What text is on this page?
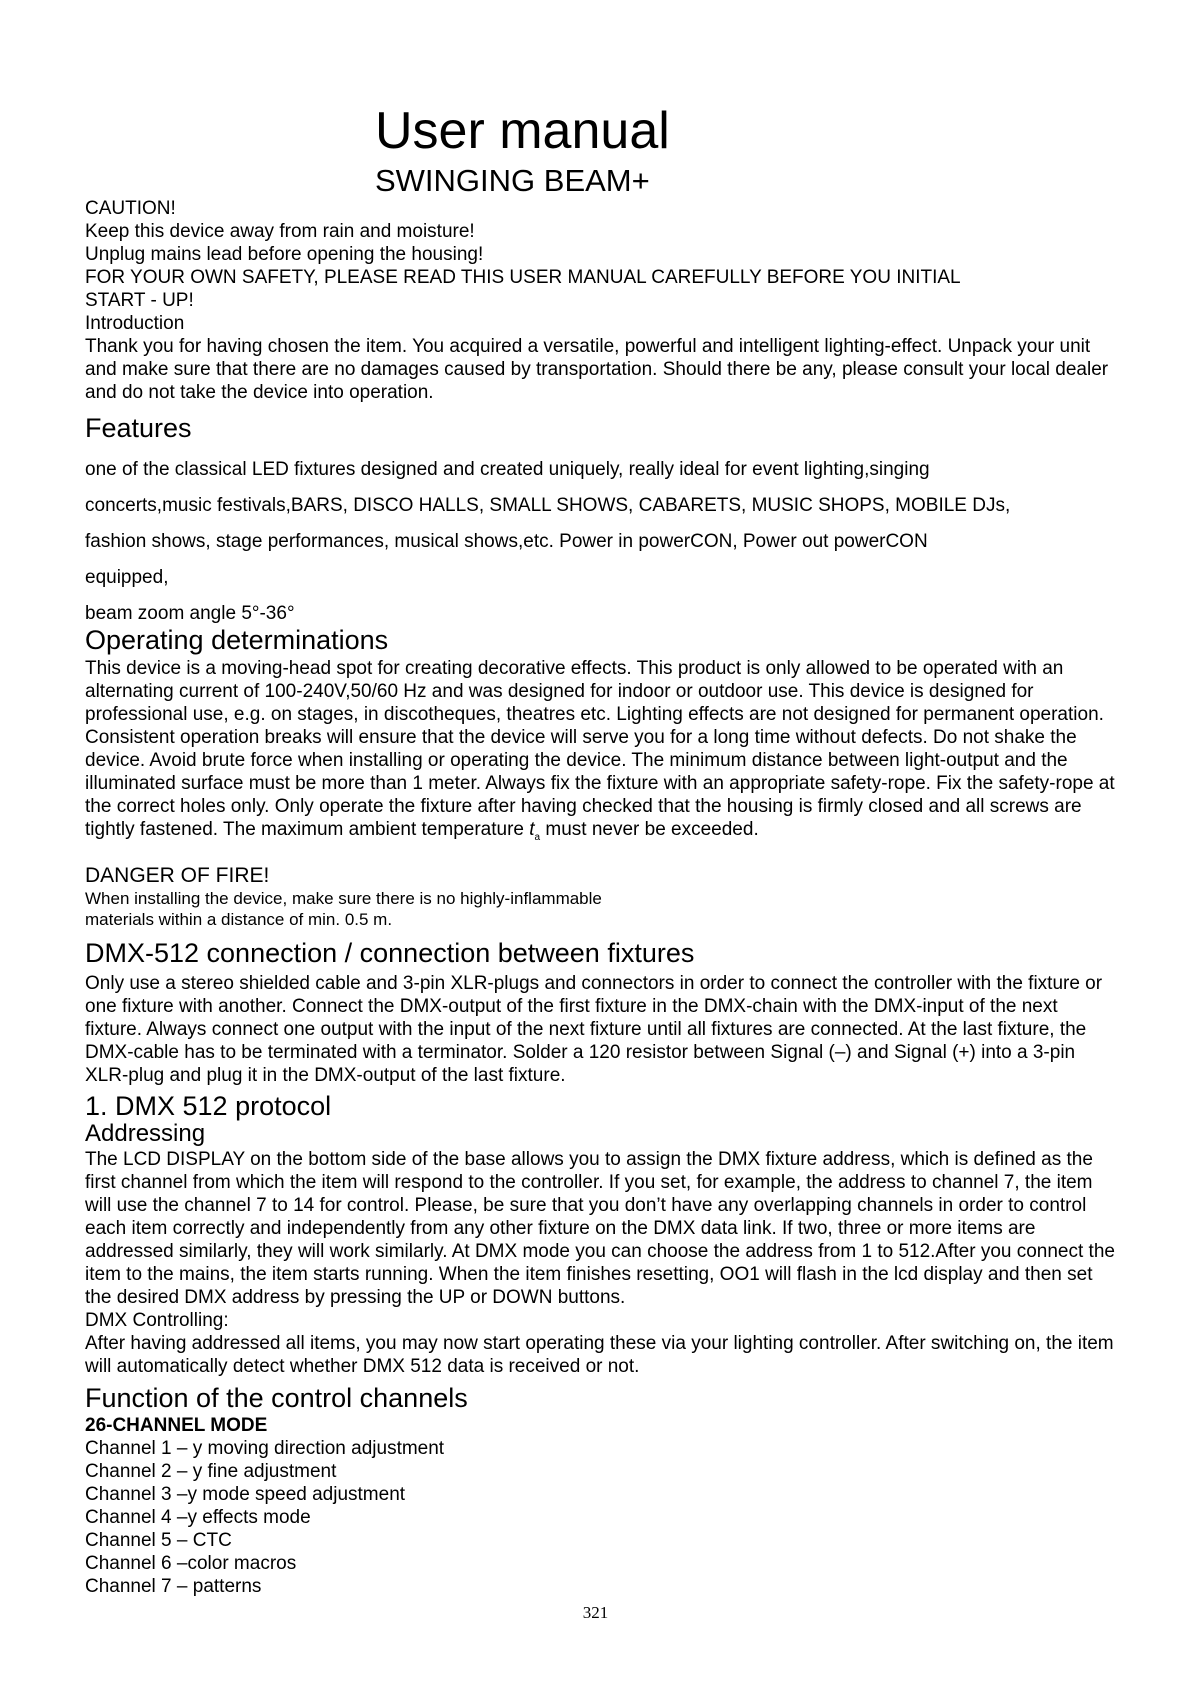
User manual
SWINGING BEAM+
CAUTION!
Keep this device away from rain and moisture!
Unplug mains lead before opening the housing!
FOR YOUR OWN SAFETY, PLEASE READ THIS USER MANUAL CAREFULLY BEFORE YOU INITIAL
START - UP!
Introduction
Thank you for having chosen the item. You acquired a versatile, powerful and intelligent lighting-effect. Unpack your unit and make sure that there are no damages caused by transportation. Should there be any, please consult your local dealer and do not take the device into operation.
Features
one of the classical LED fixtures designed and created uniquely, really ideal for event lighting,singing
concerts,music festivals,BARS, DISCO HALLS, SMALL SHOWS, CABARETS, MUSIC SHOPS, MOBILE DJs,
fashion shows, stage performances, musical shows,etc. Power in powerCON, Power out powerCON
equipped,
beam zoom angle 5°-36°
Operating determinations
This device is a moving-head spot for creating decorative effects. This product is only allowed to be operated with an alternating current of 100-240V,50/60 Hz and was designed for indoor or outdoor use. This device is designed for professional use, e.g. on stages, in discotheques, theatres etc. Lighting effects are not designed for permanent operation. Consistent operation breaks will ensure that the device will serve you for a long time without defects. Do not shake the device. Avoid brute force when installing or operating the device. The minimum distance between light-output and the illuminated surface must be more than 1 meter. Always fix the fixture with an appropriate safety-rope. Fix the safety-rope at the correct holes only. Only operate the fixture after having checked that the housing is firmly closed and all screws are tightly fastened. The maximum ambient temperature $t_a$ must never be exceeded.
DANGER OF FIRE!
When installing the device, make sure there is no highly-inflammable
materials within a distance of min. 0.5 m.
DMX-512 connection / connection between fixtures
Only use a stereo shielded cable and 3-pin XLR-plugs and connectors in order to connect the controller with the fixture or one fixture with another. Connect the DMX-output of the first fixture in the DMX-chain with the DMX-input of the next fixture. Always connect one output with the input of the next fixture until all fixtures are connected. At the last fixture, the DMX-cable has to be terminated with a terminator. Solder a 120 resistor between Signal (–) and Signal (+) into a 3-pin XLR-plug and plug it in the DMX-output of the last fixture.
1. DMX 512 protocol
Addressing
The LCD DISPLAY on the bottom side of the base allows you to assign the DMX fixture address, which is defined as the first channel from which the item will respond to the controller. If you set, for example, the address to channel 7, the item will use the channel 7 to 14 for control. Please, be sure that you don’t have any overlapping channels in order to control each item correctly and independently from any other fixture on the DMX data link. If two, three or more items are addressed similarly, they will work similarly. At DMX mode you can choose the address from 1 to 512.After you connect the item to the mains, the item starts running. When the item finishes resetting, OO1 will flash in the lcd display and then set the desired DMX address by pressing the UP or DOWN buttons.
DMX Controlling:
After having addressed all items, you may now start operating these via your lighting controller. After switching on, the item will automatically detect whether DMX 512 data is received or not.
Function of the control channels
26-CHANNEL MODE
Channel 1 – y moving direction adjustment
Channel 2 – y fine adjustment
Channel 3 –y mode speed adjustment
Channel 4 –y effects mode
Channel 5 – CTC
Channel 6 –color macros
Channel 7 – patterns
321
